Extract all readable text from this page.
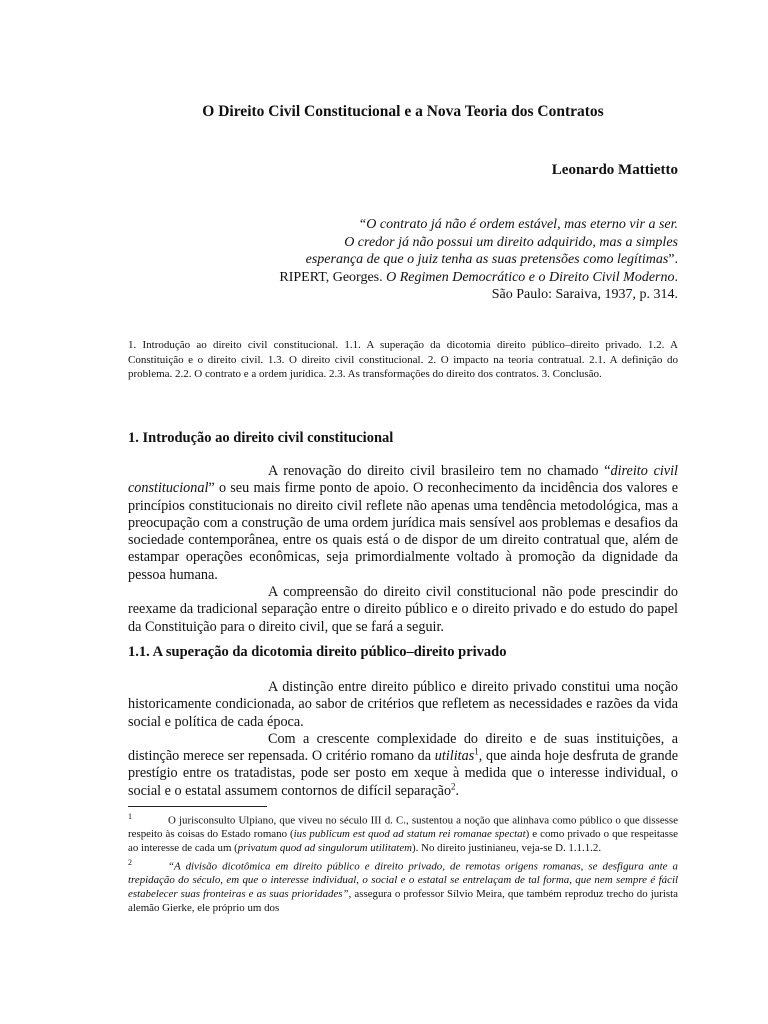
O Direito Civil Constitucional e a Nova Teoria dos Contratos
Leonardo Mattietto
“O contrato já não é ordem estável, mas eterno vir a ser.
O credor já não possui um direito adquirido, mas a simples
esperança de que o juiz tenha as suas pretensões como legítimas”.
RIPERT, Georges. O Regimen Democrático e o Direito Civil Moderno.
São Paulo: Saraiva, 1937, p. 314.
1. Introdução ao direito civil constitucional. 1.1. A superação da dicotomia direito público–direito privado. 1.2. A Constituição e o direito civil. 1.3. O direito civil constitucional. 2. O impacto na teoria contratual. 2.1. A definição do problema. 2.2. O contrato e a ordem jurídica. 2.3. As transformações do direito dos contratos. 3. Conclusão.
1. Introdução ao direito civil constitucional

A renovação do direito civil brasileiro tem no chamado “direito civil constitucional” o seu mais firme ponto de apoio. O reconhecimento da incidência dos valores e princípios constitucionais no direito civil reflete não apenas uma tendência metodológica, mas a preocupação com a construção de uma ordem jurídica mais sensível aos problemas e desafios da sociedade contemporânea, entre os quais está o de dispor de um direito contratual que, além de estampar operações econômicas, seja primordialmente voltado à promoção da dignidade da pessoa humana.

A compreensão do direito civil constitucional não pode prescindir do reexame da tradicional separação entre o direito público e o direito privado e do estudo do papel da Constituição para o direito civil, que se fará a seguir.

1.1. A superação da dicotomia direito público–direito privado

A distinção entre direito público e direito privado constitui uma noção historicamente condicionada, ao sabor de critérios que refletem as necessidades e razões da vida social e política de cada época.

Com a crescente complexidade do direito e de suas instituições, a distinção merece ser repensada. O critério romano da utilitas$^1$, que ainda hoje desfruta de grande prestígio entre os tratadistas, pode ser posto em xeque à medida que o interesse individual, o social e o estatal assumem contornos de difícil separação$^2$.

1	O jurisconsulto Ulpiano, que viveu no século III d. C., sustentou a noção que alinhava como público o que dissesse respeito às coisas do Estado romano (ius publicum est quod ad statum rei romanae spectat) e como privado o que respeitasse ao interesse de cada um (privatum quod ad singulorum utilitatem). No direito justinianeu, veja-se D. 1.1.1.2.

2	“A divisão dicotômica em direito público e direito privado, de remotas origens romanas, se desfigura ante a trepidação do século, em que o interesse individual, o social e o estatal se entrelaçam de tal forma, que nem sempre é fácil estabelecer suas fronteiras e as suas prioridades”, assegura o professor Sílvio Meira, que também reproduz trecho do jurista alemão Gierke, ele próprio um dos
